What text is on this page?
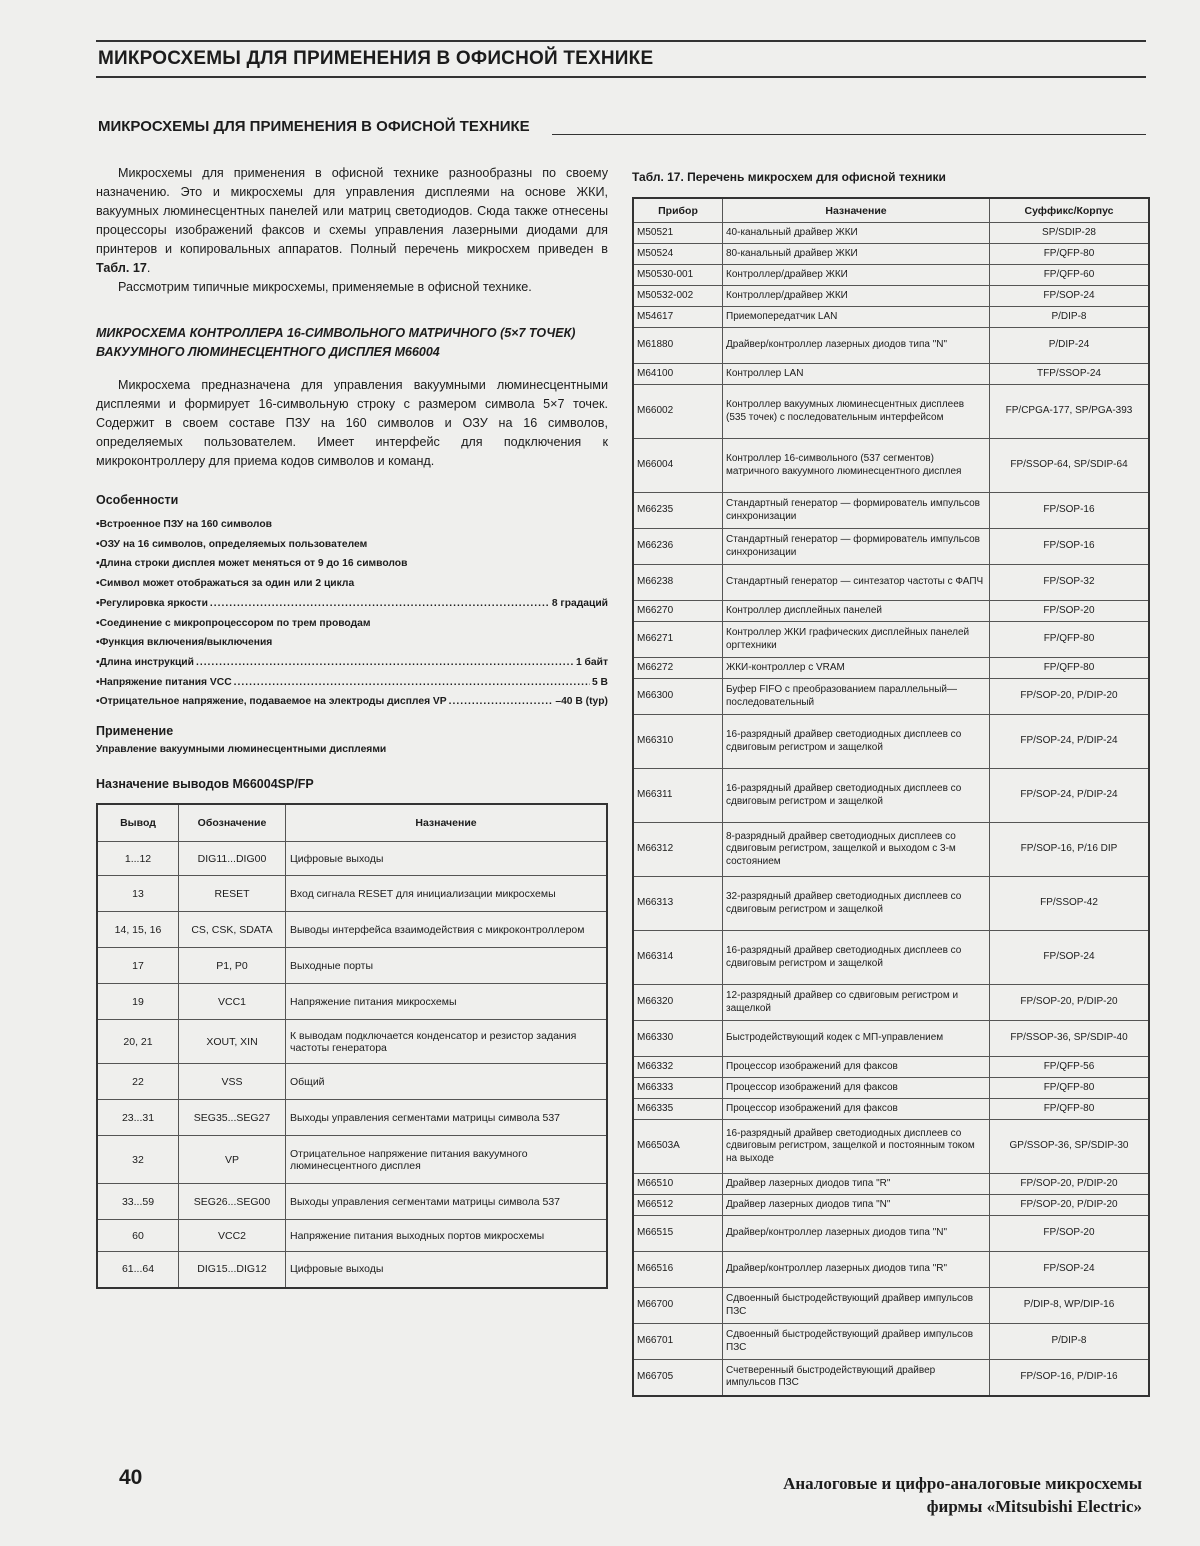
МИКРОСХЕМЫ ДЛЯ ПРИМЕНЕНИЯ В ОФИСНОЙ ТЕХНИКЕ
МИКРОСХЕМЫ ДЛЯ ПРИМЕНЕНИЯ В ОФИСНОЙ ТЕХНИКЕ

Микросхемы для применения в офисной технике разнообразны по своему назначению. Это и микросхемы для управления дисплеями на основе ЖКИ, вакуумных люминесцентных панелей или матриц светодиодов. Сюда также отнесены процессоры изображений факсов и схемы управления лазерными диодами для принтеров и копировальных аппаратов. Полный перечень микросхем приведен в Табл. 17.

Рассмотрим типичные микросхемы, применяемые в офисной технике.

МИКРОСХЕМА КОНТРОЛЛЕРА 16-СИМВОЛЬНОГО МАТРИЧНОГО (5×7 ТОЧЕК) ВАКУУМНОГО ЛЮМИНЕСЦЕНТНОГО ДИСПЛЕЯ М66004

Микросхема предназначена для управления вакуумными люминесцентными дисплеями и формирует 16-символьную строку с размером символа 5×7 точек. Содержит в своем составе ПЗУ на 160 символов и ОЗУ на 16 символов, определяемых пользователем. Имеет интерфейс для подключения к микроконтроллеру для приема кодов символов и команд.

Особенности
• Встроенное ПЗУ на 160 символов
• ОЗУ на 16 символов, определяемых пользователем
• Длина строки дисплея может меняться от 9 до 16 символов
• Символ может отображаться за один или 2 цикла
• Регулировка яркости .....	8 градаций
• Соединение с микропроцессором по трем проводам
• Функция включения/выключения
• Длина инструкций .....	1 байт
• Напряжение питания VCC .....	5 В
• Отрицательное напряжение, подаваемое на электроды дисплея VP .....	–40 В (typ)
Применение
Управление вакуумными люминесцентными дисплеями
Назначение выводов М66004SP/FP
Вывод	Обозначение	Назначение
1...12	DIG11...DIG00	Цифровые выходы
13	RESET	Вход сигнала RESET для инициализации микросхемы
14, 15, 16	CS, CSK, SDATA	Выводы интерфейса взаимодействия с микроконтроллером
17	P1, P0	Выходные порты
19	VCC1	Напряжение питания микросхемы
20, 21	XOUT, XIN	К выводам подключается конденсатор и резистор задания частоты генератора
22	VSS	Общий
23...31	SEG35...SEG27	Выходы управления сегментами матрицы символа 537
32	VP	Отрицательное напряжение питания вакуумного люминесцентного дисплея
33...59	SEG26...SEG00	Выходы управления сегментами матрицы символа 537
60	VCC2	Напряжение питания выходных портов микросхемы
61...64	DIG15...DIG12	Цифровые выходы
Табл. 17. Перечень микросхем для офисной техники
Прибор	Назначение	Суффикс/Корпус
M50521	40-канальный драйвер ЖКИ	SP/SDIP-28
M50524	80-канальный драйвер ЖКИ	FP/QFP-80
M50530-001	Контроллер/драйвер ЖКИ	FP/QFP-60
M50532-002	Контроллер/драйвер ЖКИ	FP/SOP-24
M54617	Приемопередатчик LAN	P/DIP-8
M61880	Драйвер/контроллер лазерных диодов типа "N"	P/DIP-24
M64100	Контроллер LAN	TFP/SSOP-24
M66002	Контроллер вакуумных люминесцентных дисплеев (535 точек) с последовательным интерфейсом	FP/CPGA-177, SP/PGA-393
M66004	Контроллер 16-символьного (537 сегментов) матричного вакуумного люминесцентного дисплея	FP/SSOP-64, SP/SDIP-64
M66235	Стандартный генератор — формирователь импульсов синхронизации	FP/SOP-16
M66236	Стандартный генератор — формирователь импульсов синхронизации	FP/SOP-16
M66238	Стандартный генератор — синтезатор частоты с ФАПЧ	FP/SOP-32
M66270	Контроллер дисплейных панелей	FP/SOP-20
M66271	Контроллер ЖКИ графических дисплейных панелей оргтехники	FP/QFP-80
M66272	ЖКИ-контроллер с VRAM	FP/QFP-80
M66300	Буфер FIFO с преобразованием параллельный—последовательный	FP/SOP-20, P/DIP-20
M66310	16-разрядный драйвер светодиодных дисплеев со сдвиговым регистром и защелкой	FP/SOP-24, P/DIP-24
M66311	16-разрядный драйвер светодиодных дисплеев со сдвиговым регистром и защелкой	FP/SOP-24, P/DIP-24
M66312	8-разрядный драйвер светодиодных дисплеев со сдвиговым регистром, защелкой и выходом с 3-м состоянием	FP/SOP-16, P/16 DIP
M66313	32-разрядный драйвер светодиодных дисплеев со сдвиговым регистром и защелкой	FP/SSOP-42
M66314	16-разрядный драйвер светодиодных дисплеев со сдвиговым регистром и защелкой	FP/SOP-24
M66320	12-разрядный драйвер со сдвиговым регистром и защелкой	FP/SOP-20, P/DIP-20
M66330	Быстродействующий кодек с МП-управлением	FP/SSOP-36, SP/SDIP-40
M66332	Процессор изображений для факсов	FP/QFP-56
M66333	Процессор изображений для факсов	FP/QFP-80
M66335	Процессор изображений для факсов	FP/QFP-80
M66503A	16-разрядный драйвер светодиодных дисплеев со сдвиговым регистром, защелкой и постоянным током на выходе	GP/SSOP-36, SP/SDIP-30
M66510	Драйвер лазерных диодов типа "R"	FP/SOP-20, P/DIP-20
M66512	Драйвер лазерных диодов типа "N"	FP/SOP-20, P/DIP-20
M66515	Драйвер/контроллер лазерных диодов типа "N"	FP/SOP-20
M66516	Драйвер/контроллер лазерных диодов типа "R"	FP/SOP-24
M66700	Сдвоенный быстродействующий драйвер импульсов ПЗС	P/DIP-8, WP/DIP-16
M66701	Сдвоенный быстродействующий драйвер импульсов ПЗС	P/DIP-8
M66705	Счетверенный быстродействующий драйвер импульсов ПЗС	FP/SOP-16, P/DIP-16
40	Аналоговые и цифро-аналоговые микросхемы
фирмы «Mitsubishi Electric»
